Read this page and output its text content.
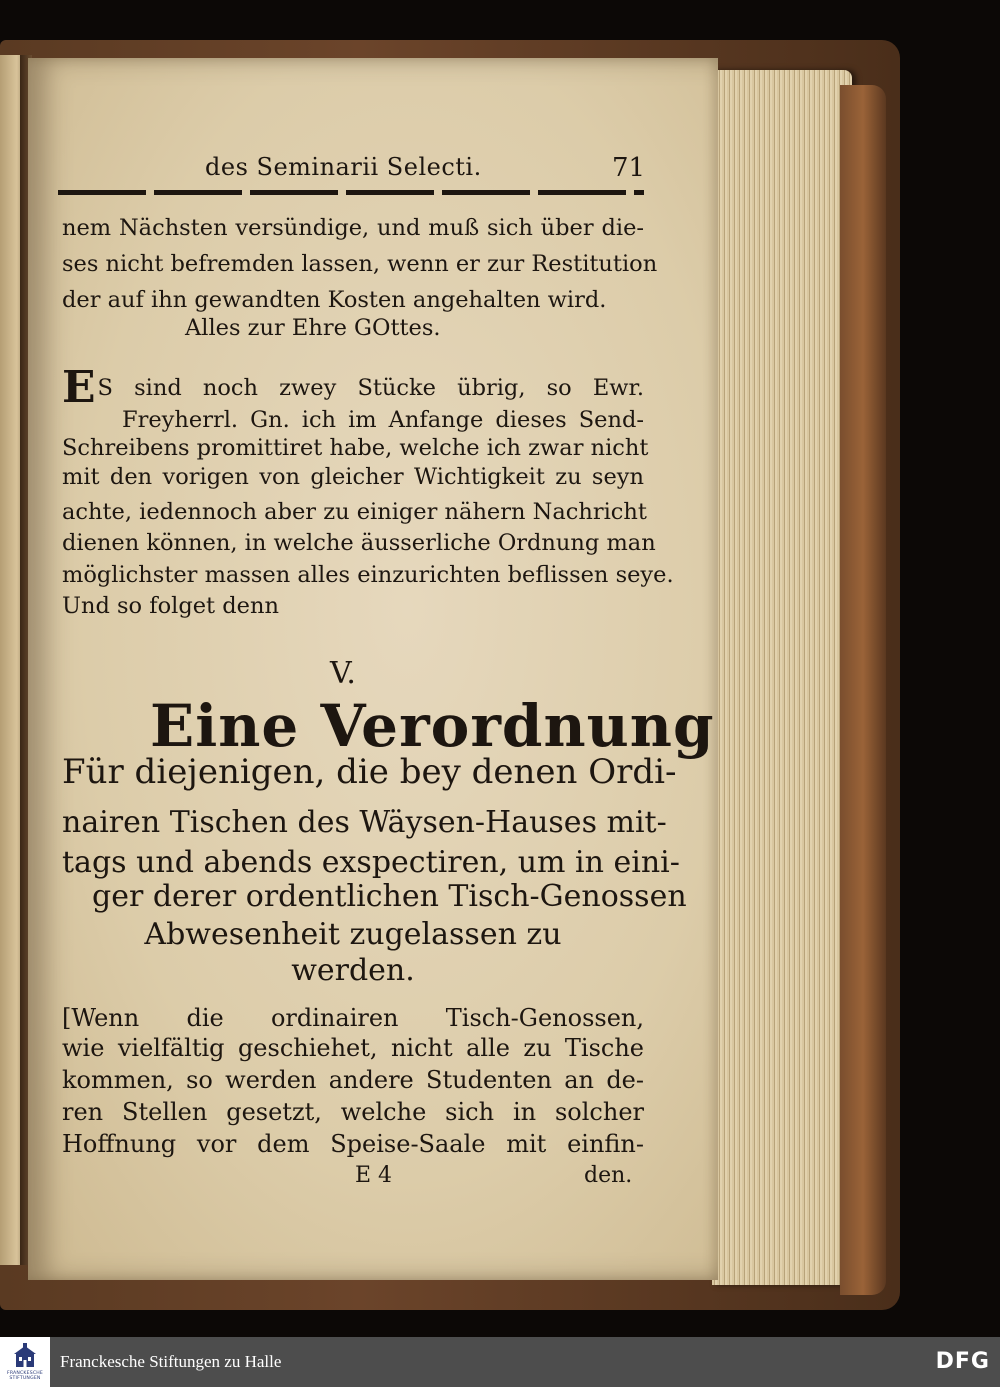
des Seminarii Selecti.	71

nem Nächsten versündige, und muß sich über die-

ses nicht befremden lassen, wenn er zur Restitution

der auf ihn gewandten Kosten angehalten wird.

Alles zur Ehre GOttes.

ES sind noch zwey Stücke übrig, so Ewr.

Freyherrl. Gn. ich im Anfange dieses Send-

Schreibens promittiret habe, welche ich zwar nicht

mit den vorigen von gleicher Wichtigkeit zu seyn

achte, iedennoch aber zu einiger nähern Nachricht

dienen können, in welche äusserliche Ordnung man

möglichster massen alles einzurichten beflissen seye.

Und so folget denn

V.

Eine Verordnung

Für diejenigen, die bey denen Ordi-

nairen Tischen des Wäysen-Hauses mit-

tags und abends exspectiren, um in eini-

ger derer ordentlichen Tisch-Genossen

Abwesenheit zugelassen zu

werden.

[Wenn die ordinairen Tisch-Genossen,

wie vielfältig geschiehet, nicht alle zu Tische

kommen, so werden andere Studenten an de-

ren Stellen gesetzt, welche sich in solcher

Hoffnung vor dem Speise-Saale mit einfin-

E 4	den.

FRANCKESCHE
STIFTUNGEN
Franckesche Stiftungen zu Halle	DFG
